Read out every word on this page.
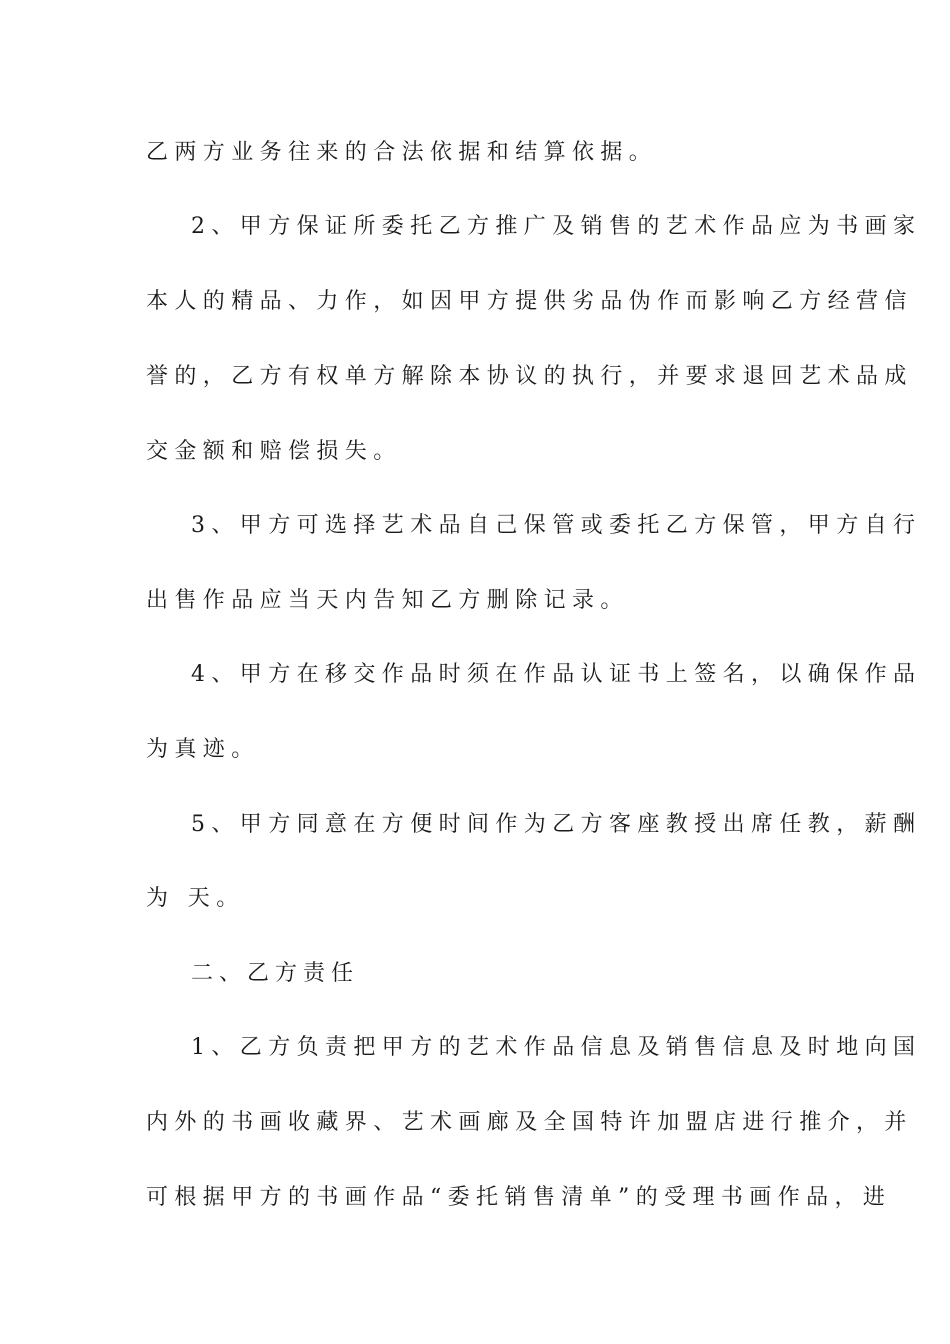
乙两方业务往来的合法依据和结算依据。
2、甲方保证所委托乙方推广及销售的艺术作品应为书画家
本人的精品、力作，如因甲方提供劣品伪作而影响乙方经营信
誉的，乙方有权单方解除本协议的执行，并要求退回艺术品成
交金额和赔偿损失。
3、甲方可选择艺术品自己保管或委托乙方保管，甲方自行
出售作品应当天内告知乙方删除记录。
4、甲方在移交作品时须在作品认证书上签名，以确保作品
为真迹。
5、甲方同意在方便时间作为乙方客座教授出席任教，薪酬
为 天。
二、乙方责任
1、乙方负责把甲方的艺术作品信息及销售信息及时地向国
内外的书画收藏界、艺术画廊及全国特许加盟店进行推介，并
可根据甲方的书画作品“委托销售清单”的受理书画作品，进
